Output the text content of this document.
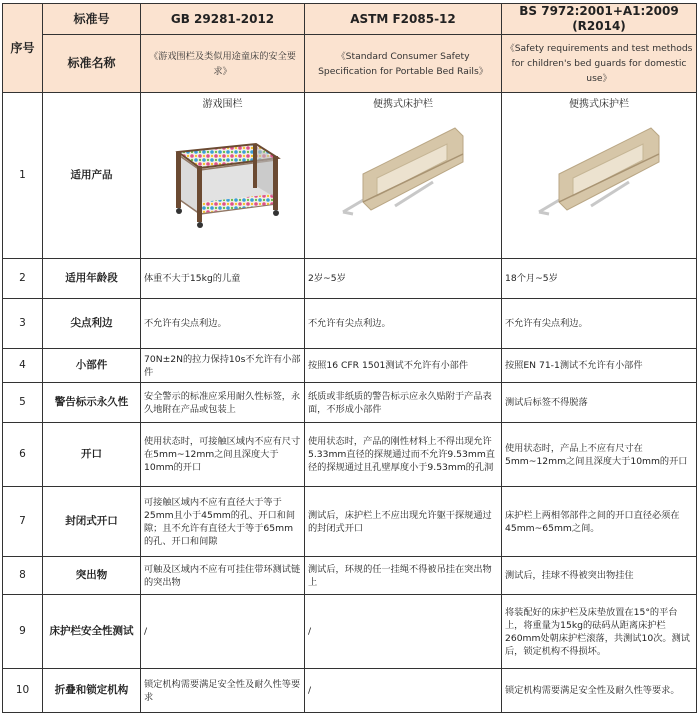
序号	标准号	GB 29281-2012	ASTM F2085-12	BS 7972:2001+A1:2009 (R2014)
	标准名称	《游戏围栏及类似用途童床的安全要求》	《Standard Consumer Safety Specification for Portable Bed Rails》	《Safety requirements and test methods for children's bed guards for domestic use》
1	适用产品	游戏围栏	便携式床护栏	便携式床护栏

2	适用年龄段	体重不大于15kg的儿童	2岁~5岁	18个月~5岁
3	尖点利边	不允许有尖点利边。	不允许有尖点利边。	不允许有尖点利边。
4	小部件	70N±2N的拉力保持10s不允许有小部件	按照16 CFR 1501测试不允许有小部件	按照EN 71-1测试不允许有小部件
5	警告标示永久性	安全警示的标准应采用耐久性标签，永久地附在产品或包装上	纸质或非纸质的警告标示应永久贴附于产品表面，不形成小部件	测试后标签不得脱落
6	开口	使用状态时，可接触区域内不应有尺寸在5mm~12mm之间且深度大于10mm的开口	使用状态时，产品的刚性材料上不得出现允许5.33mm直径的探规通过而不允许9.53mm直径的探规通过且孔壁厚度小于9.53mm的孔洞	使用状态时，产品上不应有尺寸在5mm~12mm之间且深度大于10mm的开口
7	封闭式开口	可接触区域内不应有直径大于等于25mm且小于45mm的孔、开口和间隙；且不允许有直径大于等于65mm的孔、开口和间隙	测试后，床护栏上不应出现允许躯干探规通过的封闭式开口	床护栏上两相邻部件之间的开口直径必须在45mm~65mm之间。
8	突出物	可触及区域内不应有可挂住带环测试链的突出物	测试后，环规的任一挂绳不得被吊挂在突出物上	测试后，挂球不得被突出物挂住
9	床护栏安全性测试	/	/	将装配好的床护栏及床垫放置在15°的平台上，将重量为15kg的砝码从距离床护栏260mm处朝床护栏滚落，共测试10次。测试后，锁定机构不得损坏。
10	折叠和锁定机构	锁定机构需要满足安全性及耐久性等要求	/	锁定机构需要满足安全性及耐久性等要求。
